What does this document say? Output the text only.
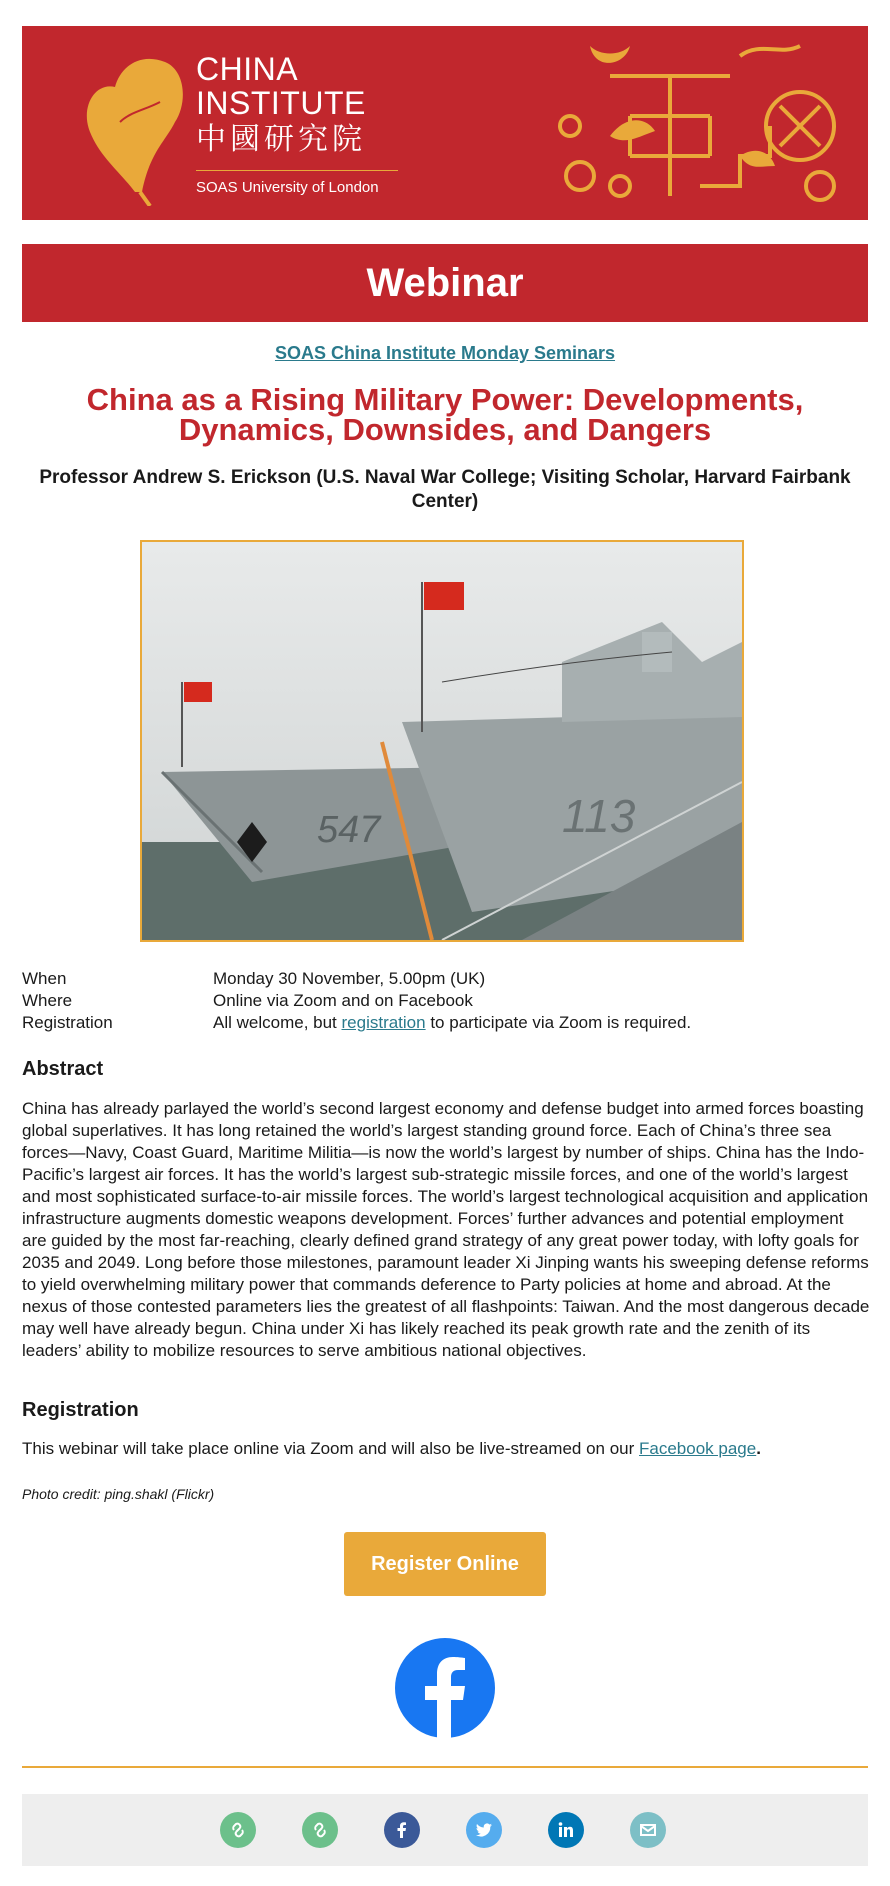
CHINA
INSTITUTE
中國研究院
SOAS University of London
Webinar
SOAS China Institute Monday Seminars
China as a Rising Military Power: Developments, Dynamics, Downsides, and Dangers
Professor Andrew S. Erickson (U.S. Naval War College; Visiting Scholar, Harvard Fairbank Center)
547	113
When	Monday 30 November, 5.00pm (UK)
Where	Online via Zoom and on Facebook
Registration	All welcome, but registration to participate via Zoom is required.
Abstract
China has already parlayed the world’s second largest economy and defense budget into armed forces boasting global superlatives. It has long retained the world’s largest standing ground force. Each of China’s three sea forces—Navy, Coast Guard, Maritime Militia—is now the world’s largest by number of ships. China has the Indo-Pacific’s largest air forces. It has the world’s largest sub-strategic missile forces, and one of the world’s largest and most sophisticated surface-to-air missile forces. The world’s largest technological acquisition and application infrastructure augments domestic weapons development. Forces’ further advances and potential employment are guided by the most far-reaching, clearly defined grand strategy of any great power today, with lofty goals for 2035 and 2049. Long before those milestones, paramount leader Xi Jinping wants his sweeping defense reforms to yield overwhelming military power that commands deference to Party policies at home and abroad. At the nexus of those contested parameters lies the greatest of all flashpoints: Taiwan. And the most dangerous decade may well have already begun. China under Xi has likely reached its peak growth rate and the zenith of its leaders’ ability to mobilize resources to serve ambitious national objectives.
Registration
This webinar will take place online via Zoom and will also be live-streamed on our Facebook page.
Photo credit: ping.shakl (Flickr)
Register Online
